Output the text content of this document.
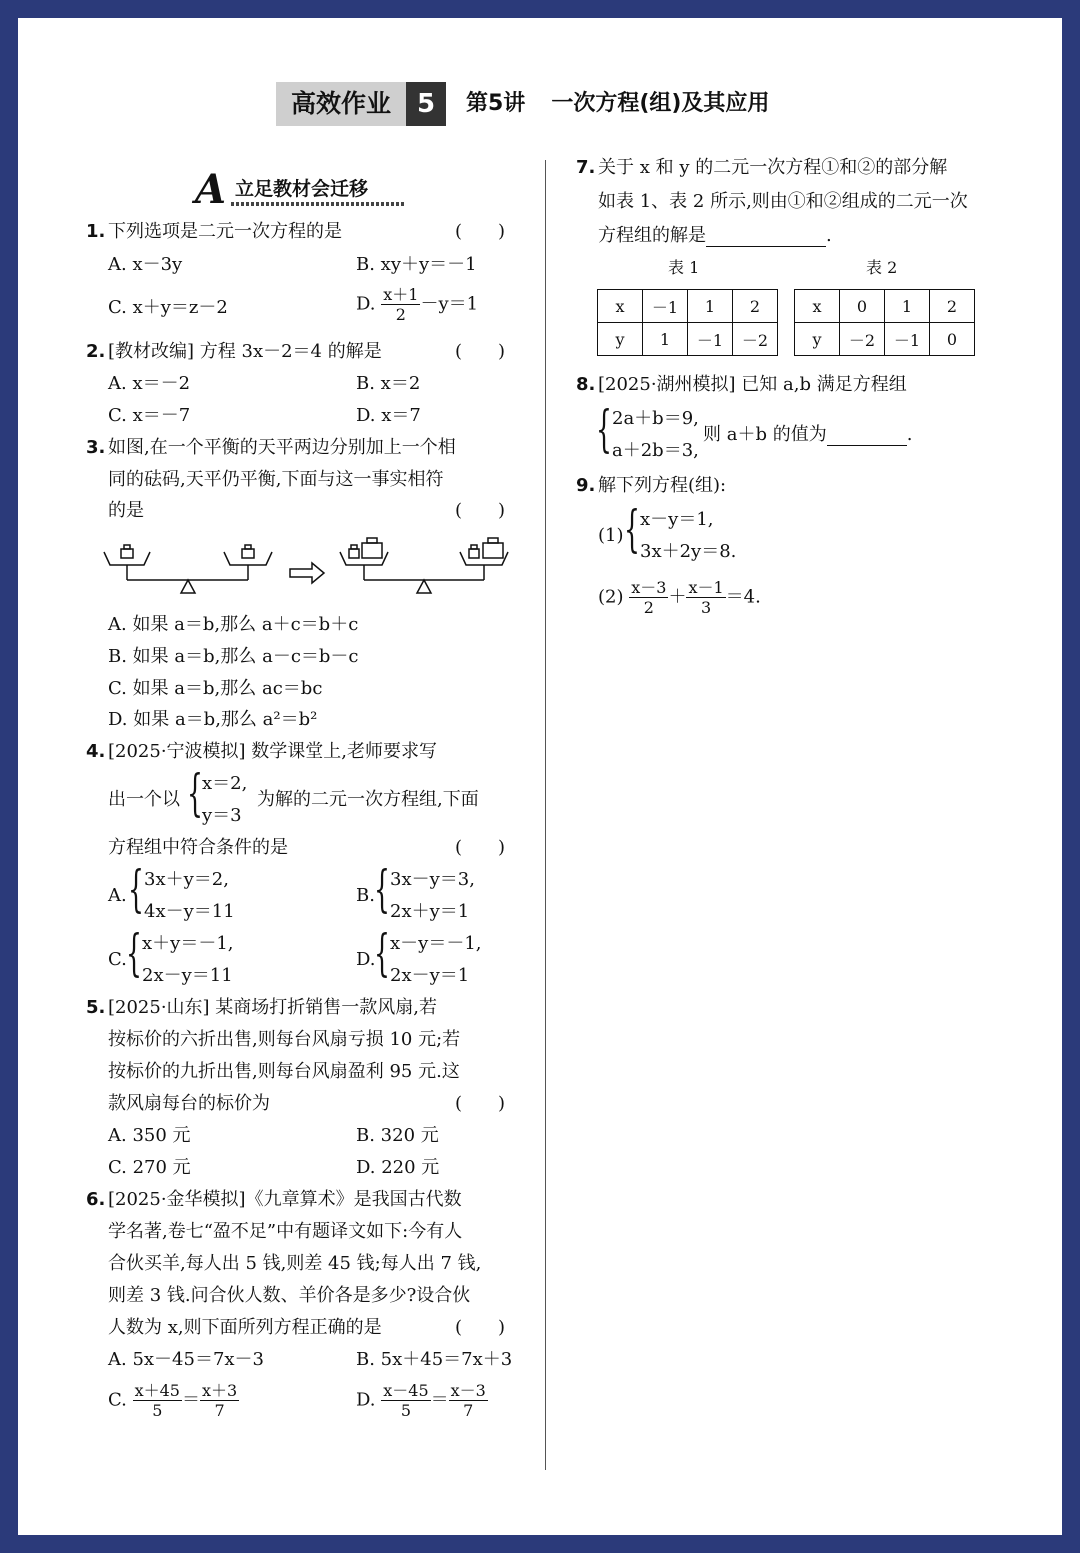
高效作业 5	第5讲 一次方程(组)及其应用
A 立足教材会迁移
1. 下列选项是二元一次方程的是	(　　)
A. x－3y	B. xy＋y＝－1
C. x＋y＝z－2	D. $\frac{x+1}{2} -y=1$
2. [教材改编] 方程 3x－2＝4 的解是	(　　)
A. x＝－2	B. x＝2
C. x＝－7	D. x＝7
3. 如图,在一个平衡的天平两边分别加上一个相
同的砝码,天平仍平衡,下面与这一事实相符
的是	(　　)
A. 如果 a＝b,那么 a＋c＝b＋c
B. 如果 a＝b,那么 a－c＝b－c
C. 如果 a＝b,那么 ac＝bc
D. 如果 a＝b,那么 a²＝b²
4. [2025·宁波模拟] 数学课堂上,老师要求写
出一个以 { x＝2,
y＝3
为解的二元一次方程组,下面
方程组中符合条件的是	(　　)
A. { 3x＋y＝2,
4x－y＝11
B. { 3x－y＝3,
2x＋y＝1
C. { x＋y＝－1,
2x－y＝11
D.
{ x－y＝－1,
2x－y＝1
5. [2025·山东] 某商场打折销售一款风扇,若
按标价的六折出售,则每台风扇亏损 10 元;若
按标价的九折出售,则每台风扇盈利 95 元.这
款风扇每台的标价为	(　　)
A. 350 元	B. 320 元
C. 270 元	D. 220 元
6. [2025·金华模拟]《九章算术》是我国古代数
学名著,卷七“盈不足”中有题译文如下:今有人
合伙买羊,每人出 5 钱,则差 45 钱;每人出 7 钱,
则差 3 钱.问合伙人数、羊价各是多少?设合伙
人数为 x,则下面所列方程正确的是	(　　)
A. 5x－45＝7x－3	B. 5x＋45＝7x＋3
C. $\frac{x+45}{5} = \frac{x+3}{7}$	D. $\frac{x-45}{5} = \frac{x-3}{7}$
7. 关于 x 和 y 的二元一次方程①和②的部分解
如表 1、表 2 所示,则由①和②组成的二元一次
方程组的解是	.
表 1	表 2
x	－1	1	2
y	1	－1	－2
x	0	1	2
y	－2	－1	0
8. [2025·湖州模拟] 已知 a,b 满足方程组
{ 2a＋b＝9,
a＋2b＝3,
则 a＋b 的值为	.
9. 解下列方程(组):
(1) { x－y＝1,
3x＋2y＝8.
$(2) \frac{x-3}{2} + \frac{x-1}{3} =4$.
